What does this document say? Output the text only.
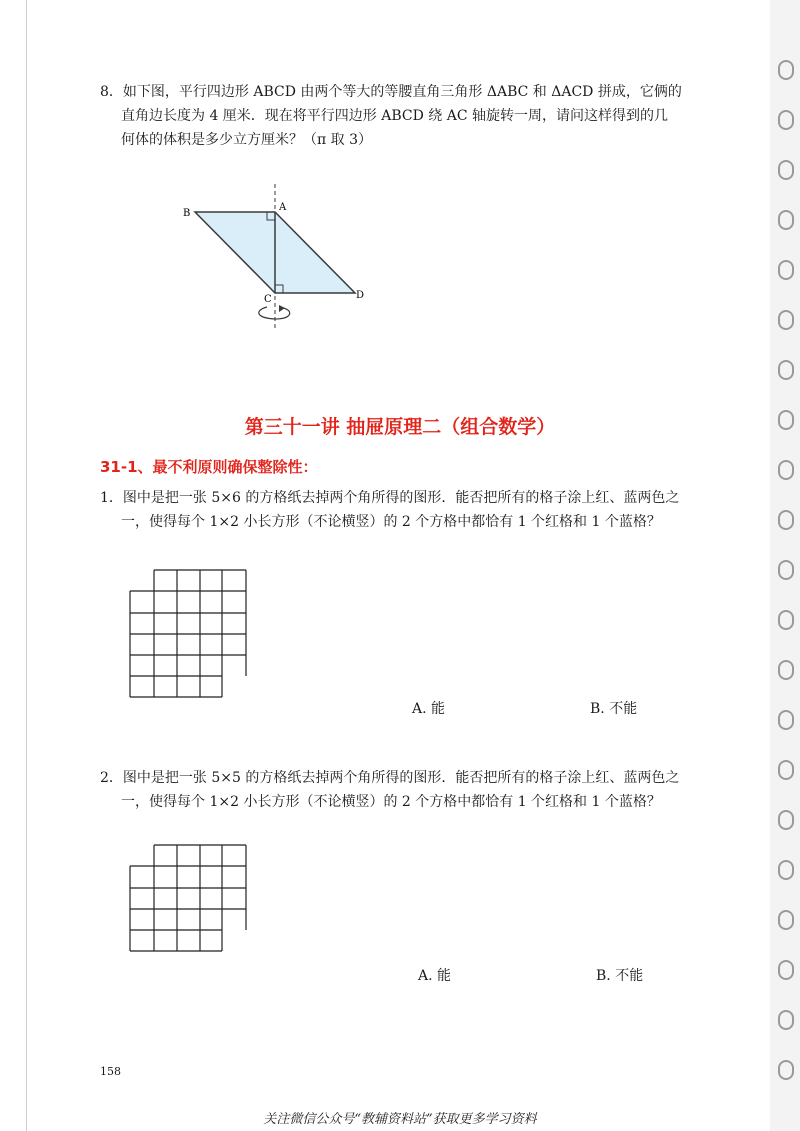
8．如下图，平行四边形 ABCD 由两个等大的等腰直角三角形 ΔABC 和 ΔACD 拼成，它俩的
直角边长度为 4 厘米．现在将平行四边形 ABCD 绕 AC 轴旋转一周，请问这样得到的几
何体的体积是多少立方厘米？（π 取 3）
B
A
C	D
第三十一讲 抽屉原理二（组合数学）
31-1、最不利原则确保整除性：
1．图中是把一张 5×6 的方格纸去掉两个角所得的图形．能否把所有的格子涂上红、蓝两色之
一，使得每个 1×2 小长方形（不论横竖）的 2 个方格中都恰有 1 个红格和 1 个蓝格？
A. 能	B. 不能
2．图中是把一张 5×5 的方格纸去掉两个角所得的图形．能否把所有的格子涂上红、蓝两色之
一，使得每个 1×2 小长方形（不论横竖）的 2 个方格中都恰有 1 个红格和 1 个蓝格？
A. 能	B. 不能
158
关注微信公众号“教辅资料站”获取更多学习资料
